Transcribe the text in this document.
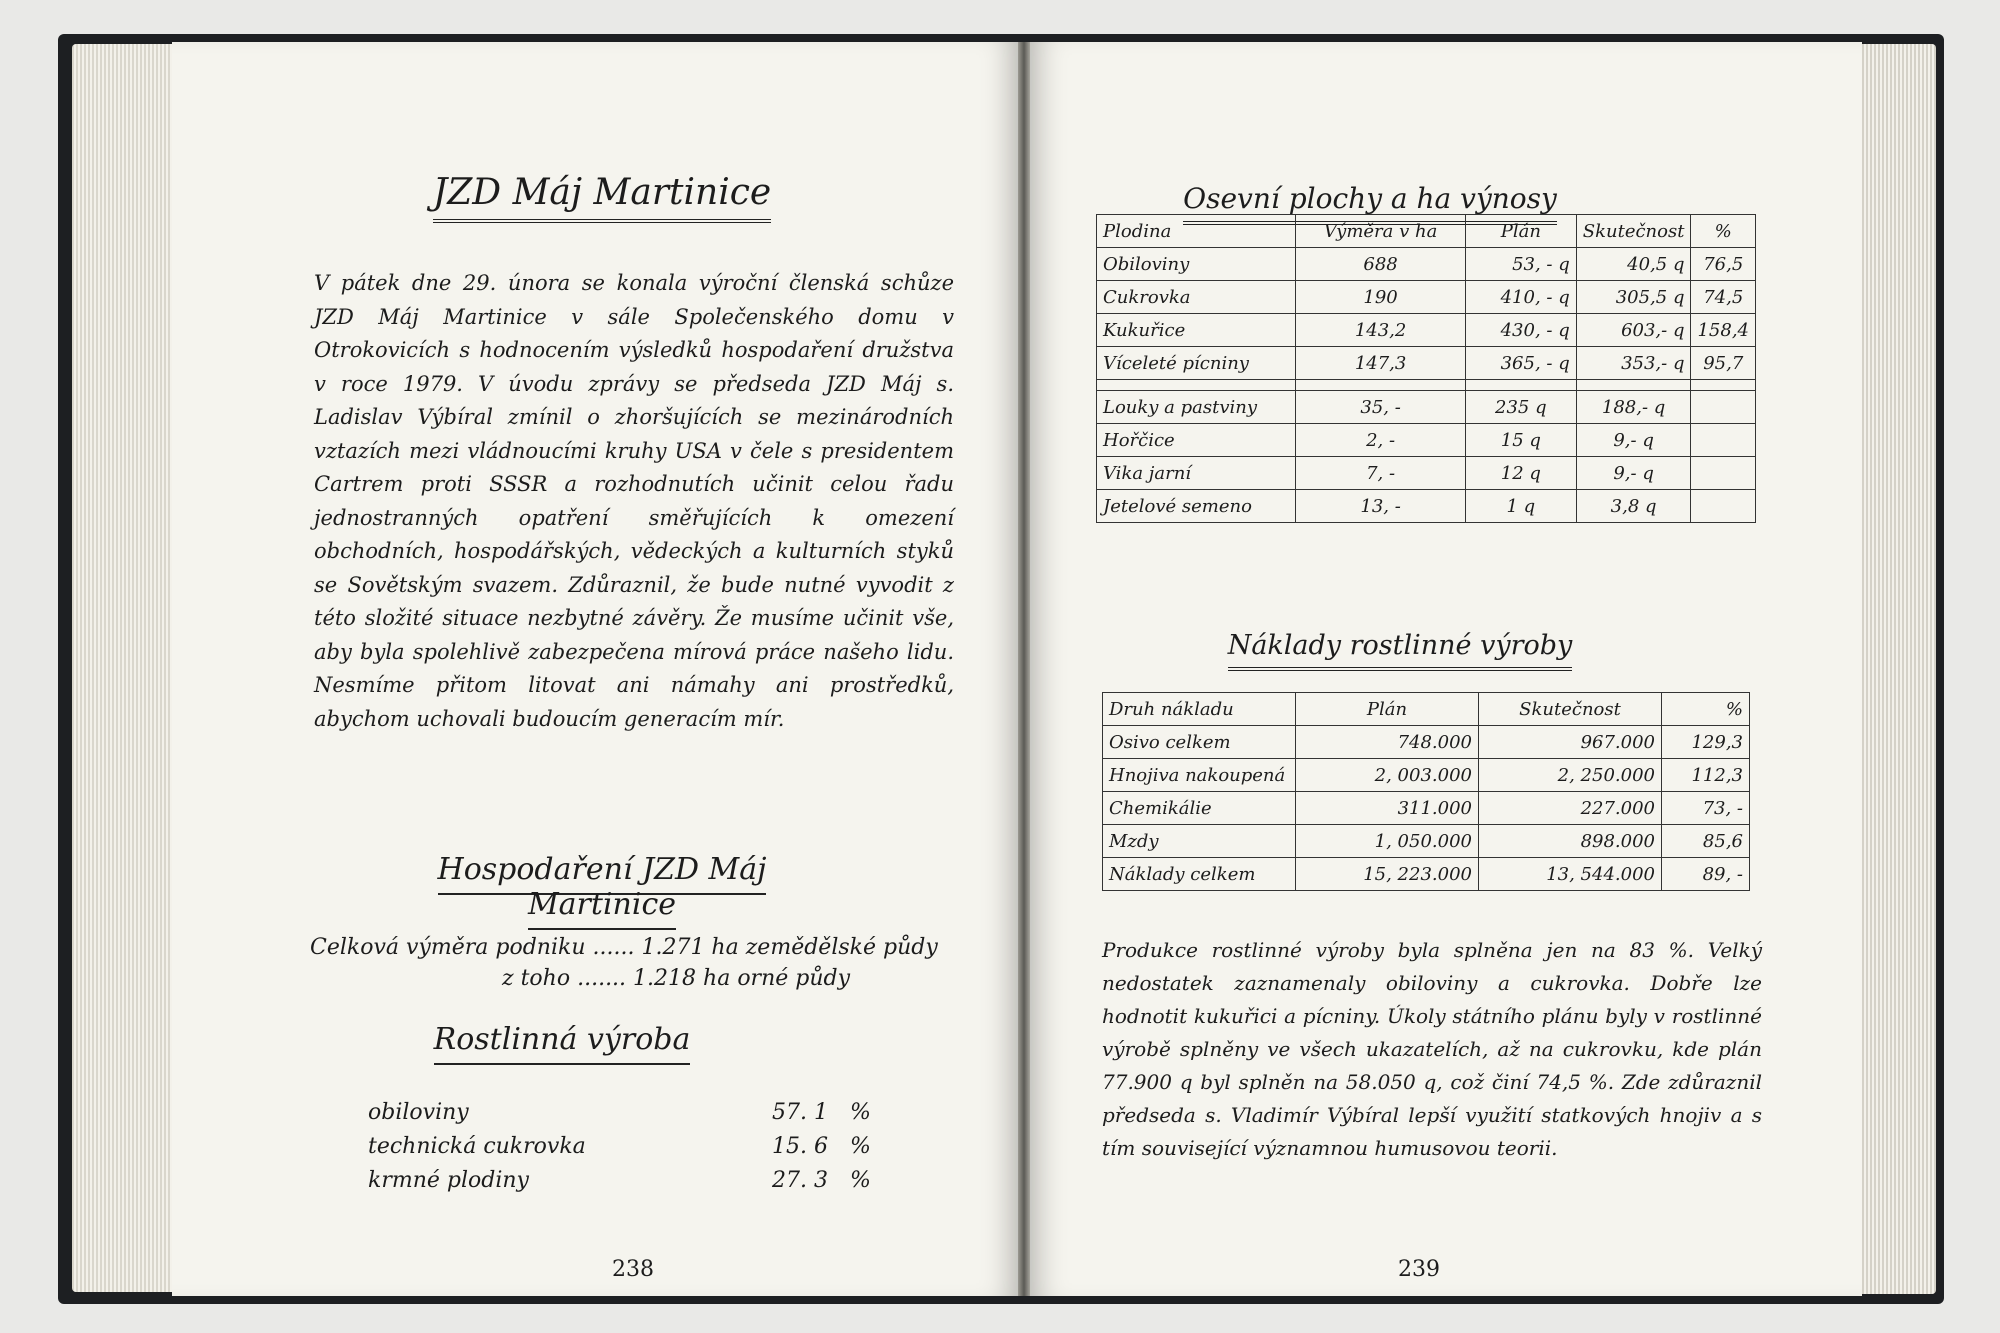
JZD Máj Martinice
V pátek dne 29. února se konala výroční členská schůze JZD Máj Martinice v sále Společenského domu v Otrokovicích s hodnocením výsledků hospodaření družstva v roce 1979. V úvodu zprávy se předseda JZD Máj s. Ladislav Výbíral zmínil o zhoršujících se mezinárodních vztazích mezi vládnoucími kruhy USA v čele s presidentem Cartrem proti SSSR a rozhodnutích učinit celou řadu jednostranných opatření směřujících k omezení obchodních, hospodářských, vědeckých a kulturních styků se Sovětským svazem. Zdůraznil, že bude nutné vyvodit z této složité situace nezbytné závěry. Že musíme učinit vše, aby byla spolehlivě zabezpečena mírová práce našeho lidu. Nesmíme přitom litovat ani námahy ani prostředků, abychom uchovali budoucím generacím mír.
Hospodaření JZD Máj Martinice
Celková výměra podniku ...... 1.271 ha zemědělské půdy
z toho ....... 1.218 ha orné půdy
Rostlinná výroba
obiloviny	57. 1 %
technická cukrovka	15. 6 %
krmné plodiny	27. 3 %
238
Osevní plochy a ha výnosy
Plodina	Výměra v ha	Plán	Skutečnost	%
Obiloviny	688	53, - q	40,5 q	76,5
Cukrovka	190	410, - q	305,5 q	74,5
Kukuřice	143,2	430, - q	603,- q	158,4
Víceleté pícniny	147,3	365, - q	353,- q	95,7

Louky a pastviny	35, -	235 q	188,- q	
Hořčice	2, -	15 q	9,- q	
Vika jarní	7, -	12 q	9,- q	
Jetelové semeno	13, -	1 q	3,8 q	
Náklady rostlinné výroby
Druh nákladu	Plán	Skutečnost	%
Osivo celkem	748.000	967.000	129,3
Hnojiva nakoupená	2, 003.000	2, 250.000	112,3
Chemikálie	311.000	227.000	73, -
Mzdy	1, 050.000	898.000	85,6
Náklady celkem	15, 223.000	13, 544.000	89, -
Produkce rostlinné výroby byla splněna jen na 83 %. Velký nedostatek zaznamenaly obiloviny a cukrovka. Dobře lze hodnotit kukuřici a pícniny. Úkoly státního plánu byly v rostlinné výrobě splněny ve všech ukazatelích, až na cukrovku, kde plán 77.900 q byl splněn na 58.050 q, což činí 74,5 %. Zde zdůraznil předseda s. Vladimír Výbíral lepší využití statkových hnojiv a s tím související významnou humusovou teorii.
239
